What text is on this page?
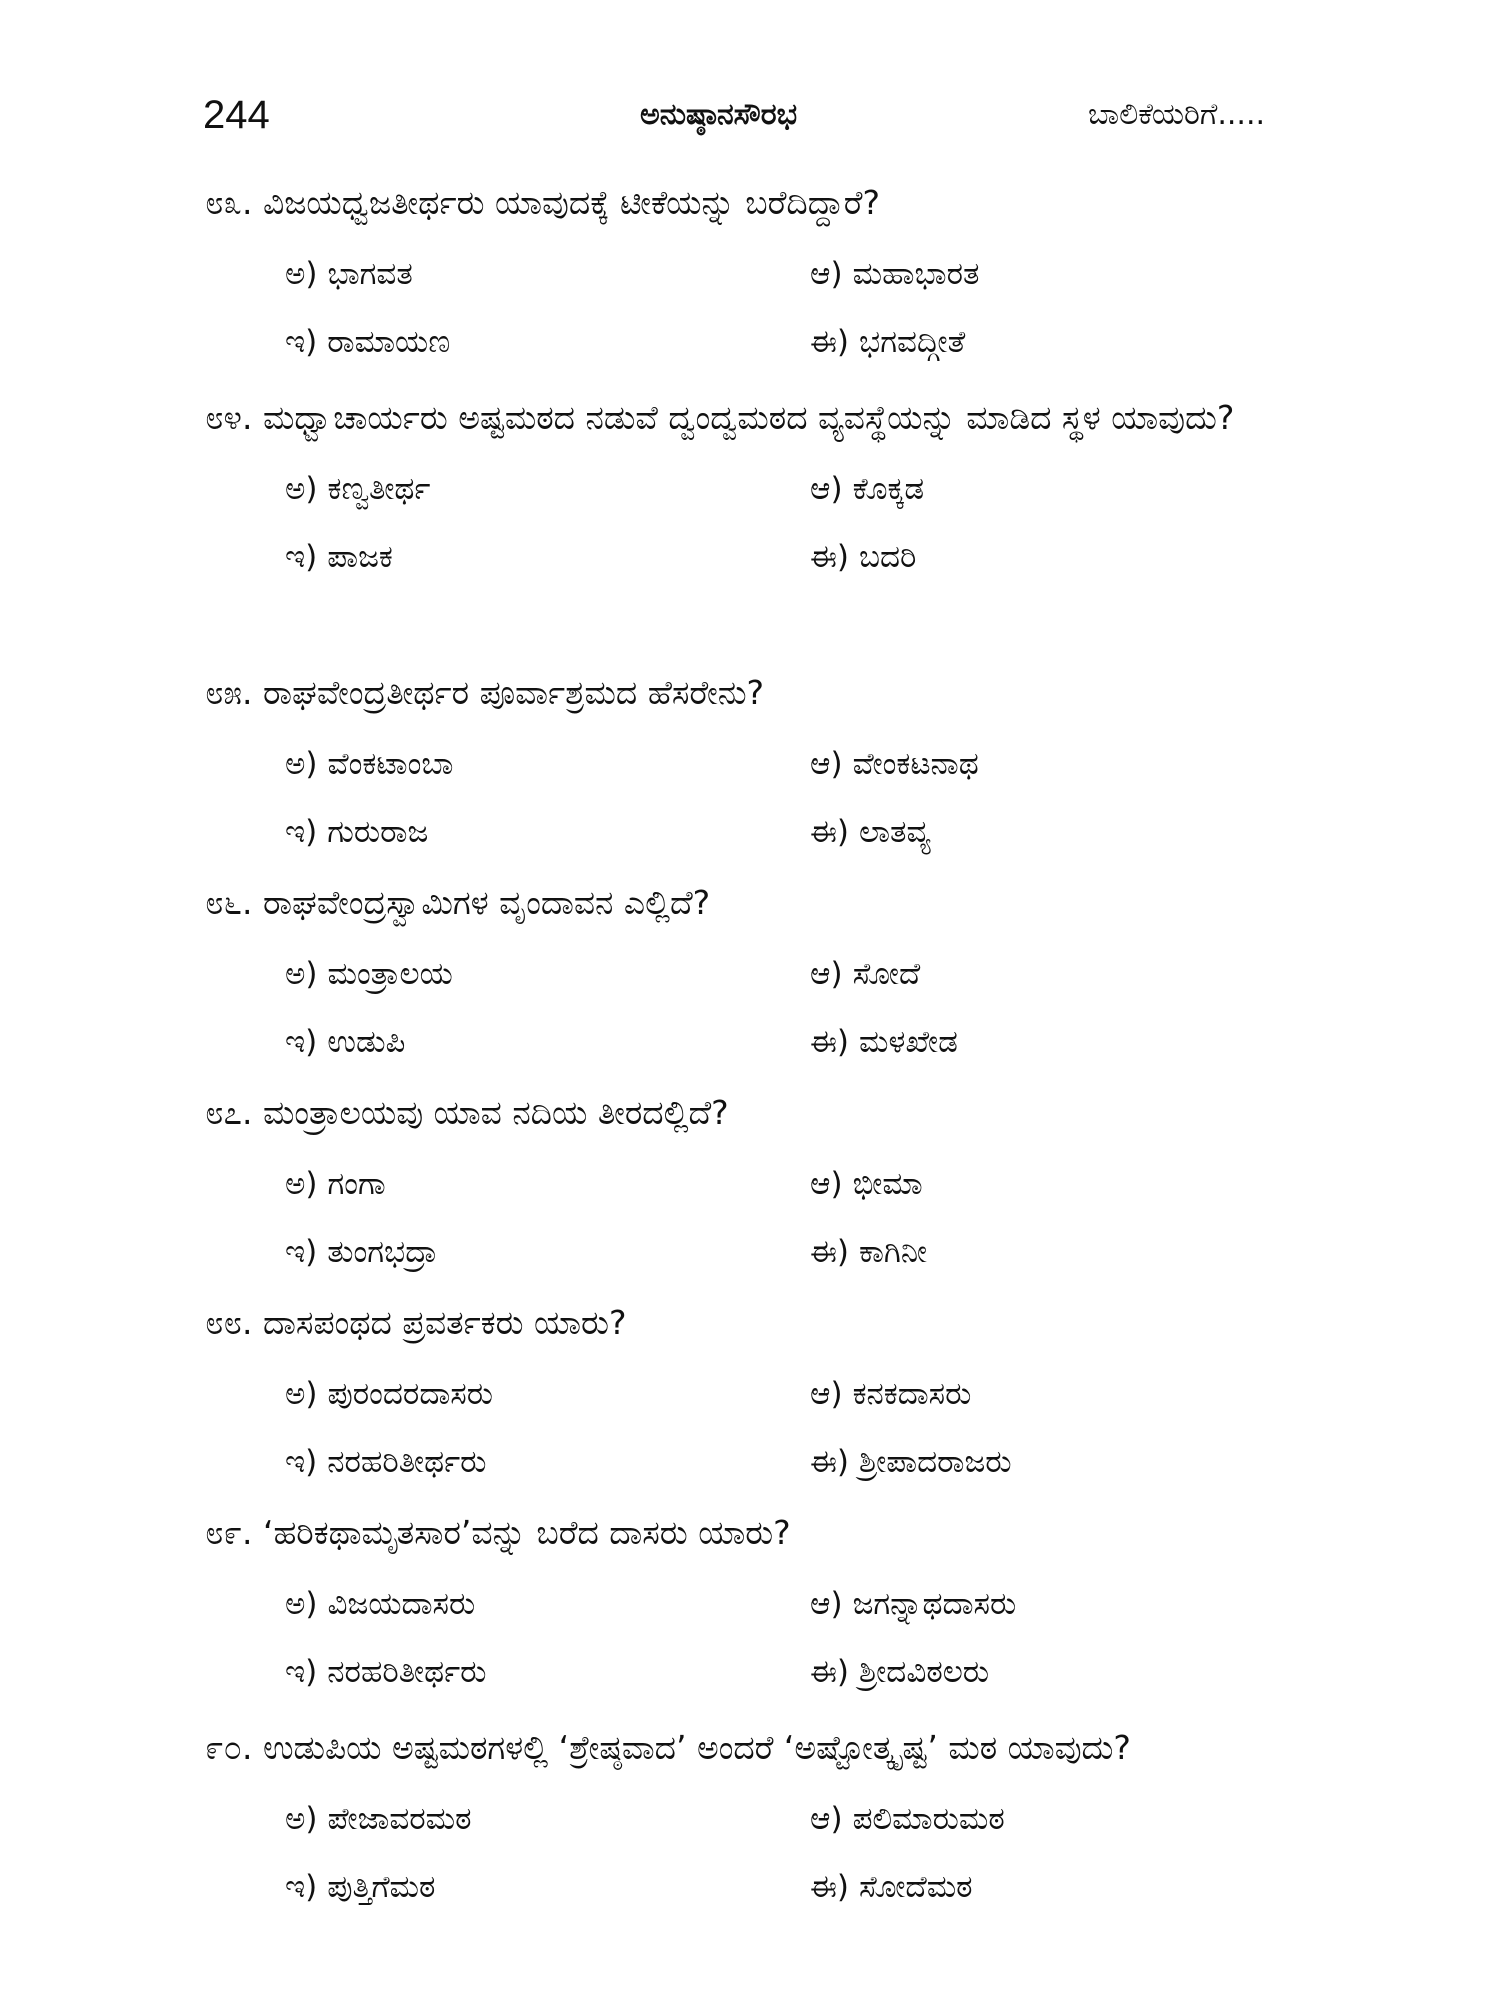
244	ಅನುಷ್ಠಾನಸೌರಭ	ಬಾಲಿಕೆಯರಿಗೆ.....
೮೩. ವಿಜಯಧ್ವಜತೀರ್ಥರು ಯಾವುದಕ್ಕೆ ಟೀಕೆಯನ್ನು ಬರೆದಿದ್ದಾರೆ?
ಅ) ಭಾಗವತ	ಆ) ಮಹಾಭಾರತ
ಇ) ರಾಮಾಯಣ	ಈ) ಭಗವದ್ಗೀತೆ
೮೪. ಮಧ್ವಾಚಾರ್ಯರು ಅಷ್ಟಮಠದ ನಡುವೆ ದ್ವಂದ್ವಮಠದ ವ್ಯವಸ್ಥೆಯನ್ನು ಮಾಡಿದ ಸ್ಥಳ ಯಾವುದು?
ಅ) ಕಣ್ವತೀರ್ಥ	ಆ) ಕೊಕ್ಕಡ
ಇ) ಪಾಜಕ	ಈ) ಬದರಿ
೮೫. ರಾಘವೇಂದ್ರತೀರ್ಥರ ಪೂರ್ವಾಶ್ರಮದ ಹೆಸರೇನು?
ಅ) ವೆಂಕಟಾಂಬಾ	ಆ) ವೇಂಕಟನಾಥ
ಇ) ಗುರುರಾಜ	ಈ) ಲಾತವ್ಯ
೮೬. ರಾಘವೇಂದ್ರಸ್ವಾಮಿಗಳ ವೃಂದಾವನ ಎಲ್ಲಿದೆ?
ಅ) ಮಂತ್ರಾಲಯ	ಆ) ಸೋದೆ
ಇ) ಉಡುಪಿ	ಈ) ಮಳಖೇಡ
೮೭. ಮಂತ್ರಾಲಯವು ಯಾವ ನದಿಯ ತೀರದಲ್ಲಿದೆ?
ಅ) ಗಂಗಾ	ಆ) ಭೀಮಾ
ಇ) ತುಂಗಭದ್ರಾ	ಈ) ಕಾಗಿನೀ
೮೮. ದಾಸಪಂಥದ ಪ್ರವರ್ತಕರು ಯಾರು?
ಅ) ಪುರಂದರದಾಸರು	ಆ) ಕನಕದಾಸರು
ಇ) ನರಹರಿತೀರ್ಥರು	ಈ) ಶ್ರೀಪಾದರಾಜರು
೮೯. ‘ಹರಿಕಥಾಮೃತಸಾರ’ವನ್ನು ಬರೆದ ದಾಸರು ಯಾರು?
ಅ) ವಿಜಯದಾಸರು	ಆ) ಜಗನ್ನಾಥದಾಸರು
ಇ) ನರಹರಿತೀರ್ಥರು	ಈ) ಶ್ರೀದವಿಠಲರು
೯೦. ಉಡುಪಿಯ ಅಷ್ಟಮಠಗಳಲ್ಲಿ ‘ಶ್ರೇಷ್ಠವಾದ’ ಅಂದರೆ ‘ಅಷ್ಟೋತ್ಕೃಷ್ಟ’ ಮಠ ಯಾವುದು?
ಅ) ಪೇಜಾವರಮಠ	ಆ) ಪಲಿಮಾರುಮಠ
ಇ) ಪುತ್ತಿಗೆಮಠ	ಈ) ಸೋದೆಮಠ
